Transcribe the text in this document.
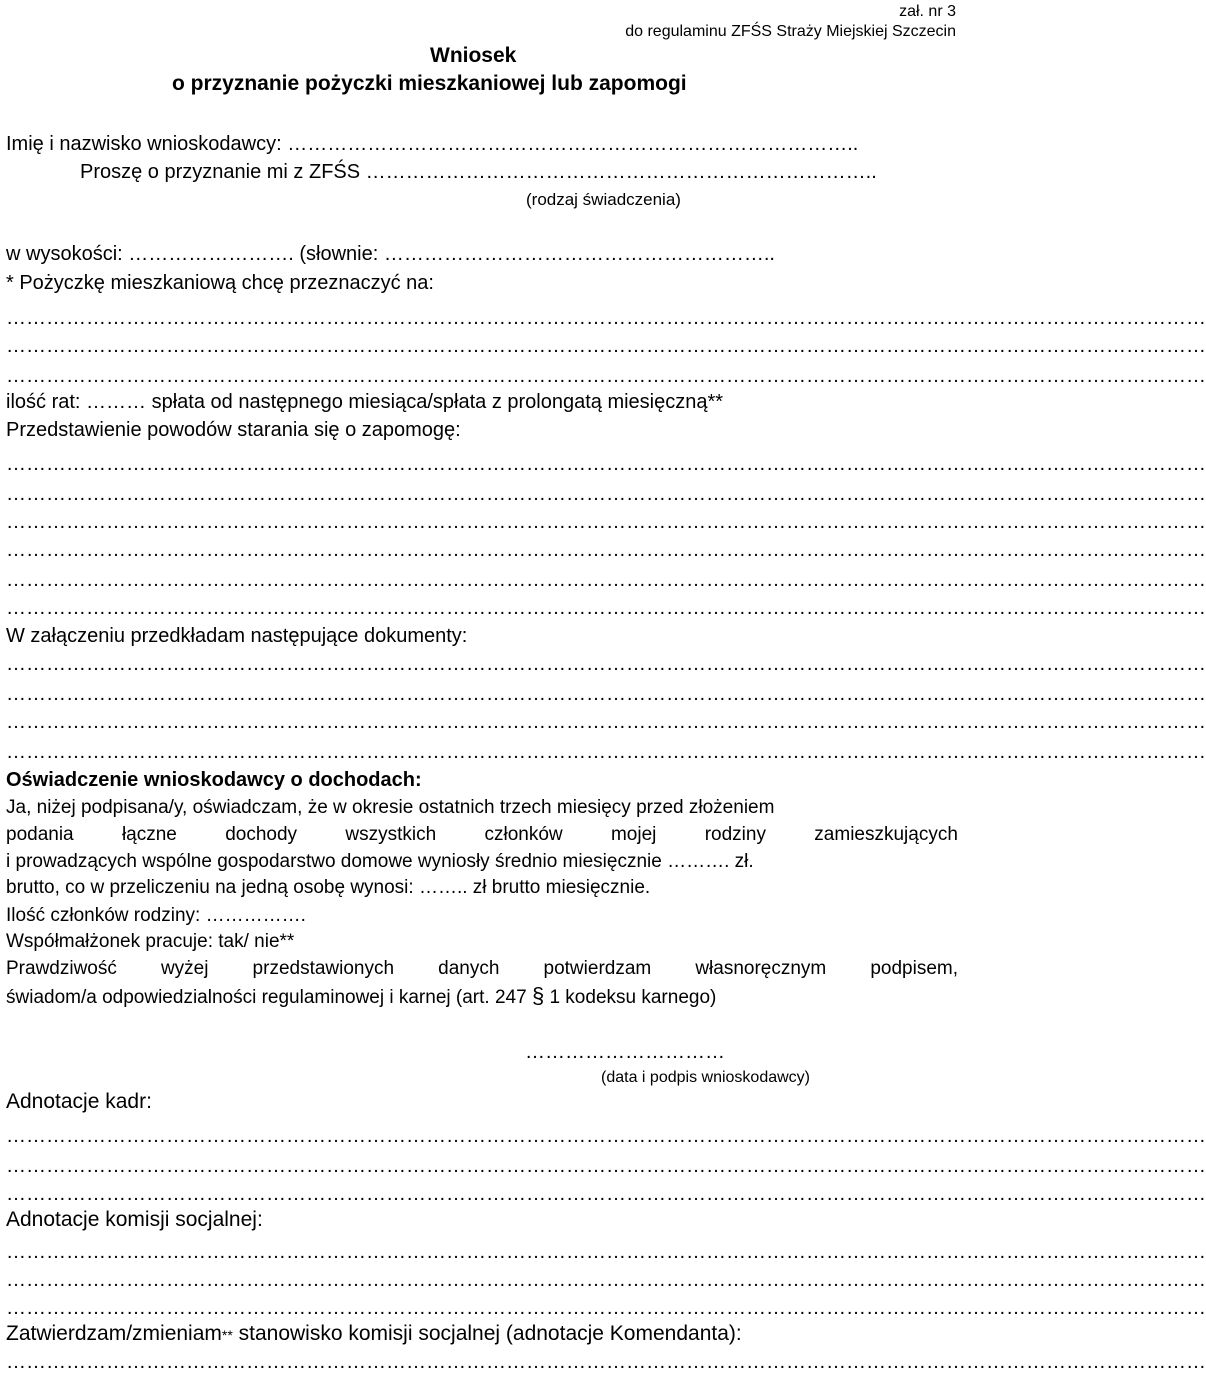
zał. nr 3
do regulaminu ZFŚS Straży Miejskiej Szczecin
Wniosek
o przyznanie pożyczki mieszkaniowej lub zapomogi
Imię i nazwisko wnioskodawcy: …………………………………………………………………………..
Proszę o przyznanie mi z ZFŚS …………………………………………………………………..
(rodzaj świadczenia)
w wysokości: ……………………. (słownie: …………………………………………………..
* Pożyczkę mieszkaniową chcę przeznaczyć na:
………………………………………………………………………………………………………………………………………………………………
………………………………………………………………………………………………………………………………………………………………
………………………………………………………………………………………………………………………………………………………………
ilość rat: ……… spłata od następnego miesiąca/spłata z prolongatą miesięczną**
Przedstawienie powodów starania się o zapomogę:
………………………………………………………………………………………………………………………………………………………………
………………………………………………………………………………………………………………………………………………………………
………………………………………………………………………………………………………………………………………………………………
………………………………………………………………………………………………………………………………………………………………
………………………………………………………………………………………………………………………………………………………………
………………………………………………………………………………………………………………………………………………………………
W załączeniu przedkładam następujące dokumenty:
………………………………………………………………………………………………………………………………………………………………
………………………………………………………………………………………………………………………………………………………………
………………………………………………………………………………………………………………………………………………………………
………………………………………………………………………………………………………………………………………………………………
Oświadczenie wnioskodawcy o dochodach:
Ja, niżej podpisana/y, oświadczam, że w okresie ostatnich trzech miesięcy przed złożeniem
podania	łączne	dochody	wszystkich	członków	mojej	rodziny	zamieszkujących
i prowadzących wspólne gospodarstwo domowe wyniosły średnio miesięcznie ………. zł.
brutto, co w przeliczeniu na jedną osobę wynosi: …….. zł brutto miesięcznie.
Ilość członków rodziny: …………….
Współmałżonek pracuje: tak/ nie**
Prawdziwość wyżej przedstawionych danych potwierdzam własnoręcznym podpisem,
świadom/a odpowiedzialności regulaminowej i karnej (art. 247 § 1 kodeksu karnego)
…………………………
(data i podpis wnioskodawcy)
Adnotacje kadr:
………………………………………………………………………………………………………………………………………………………………
………………………………………………………………………………………………………………………………………………………………
………………………………………………………………………………………………………………………………………………………………
Adnotacje komisji socjalnej:
………………………………………………………………………………………………………………………………………………………………
………………………………………………………………………………………………………………………………………………………………
………………………………………………………………………………………………………………………………………………………………
Zatwierdzam/zmieniam** stanowisko komisji socjalnej (adnotacje Komendanta):
………………………………………………………………………………………………………………………………………………………………
